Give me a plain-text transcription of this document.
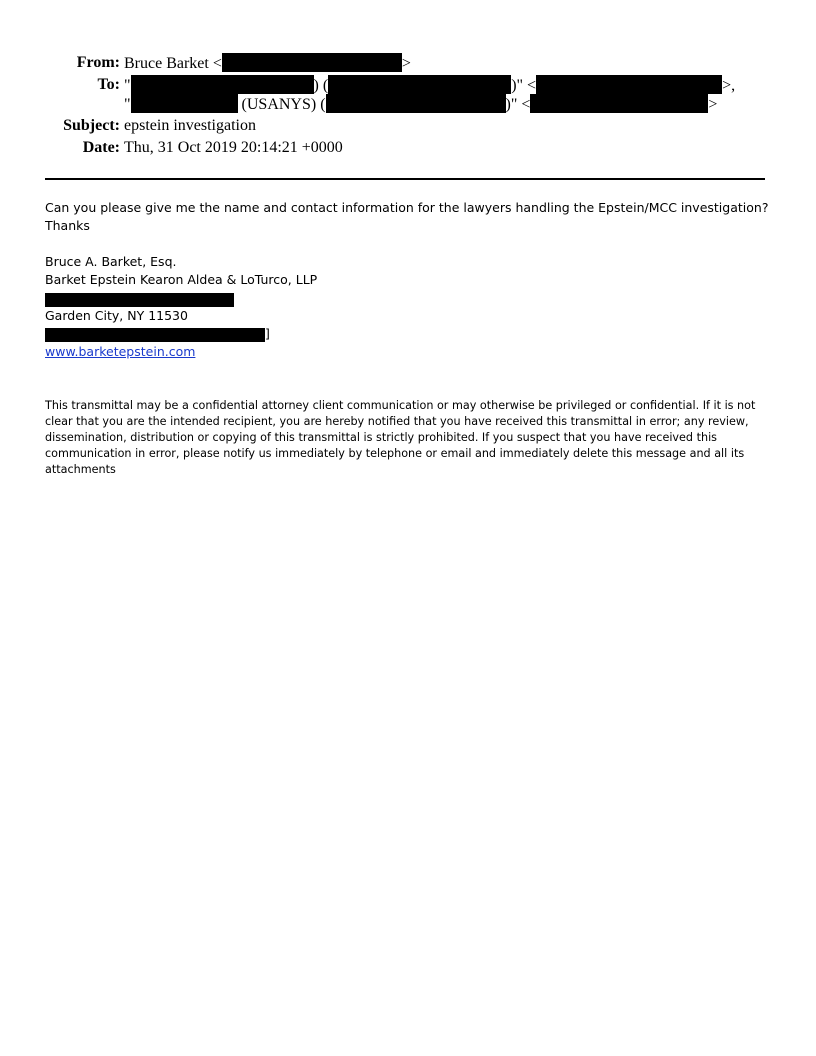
From: Bruce Barket <	>
To: "	) (	)" <	>,
"	(USANYS) (	)" <	>
Subject: epstein investigation
Date: Thu, 31 Oct 2019 20:14:21 +0000
Can you please give me the name and contact information for the lawyers handling the Epstein/MCC investigation?
Thanks
Bruce A. Barket, Esq.
Barket Epstein Kearon Aldea & LoTurco, LLP
Garden City, NY 11530
]
www.barketepstein.com
This transmittal may be a confidential attorney client communication or may otherwise be privileged or confidential. If it is not clear that you are the intended recipient, you are hereby notified that you have received this transmittal in error; any review, dissemination, distribution or copying of this transmittal is strictly prohibited. If you suspect that you have received this communication in error, please notify us immediately by telephone or email and immediately delete this message and all its attachments
